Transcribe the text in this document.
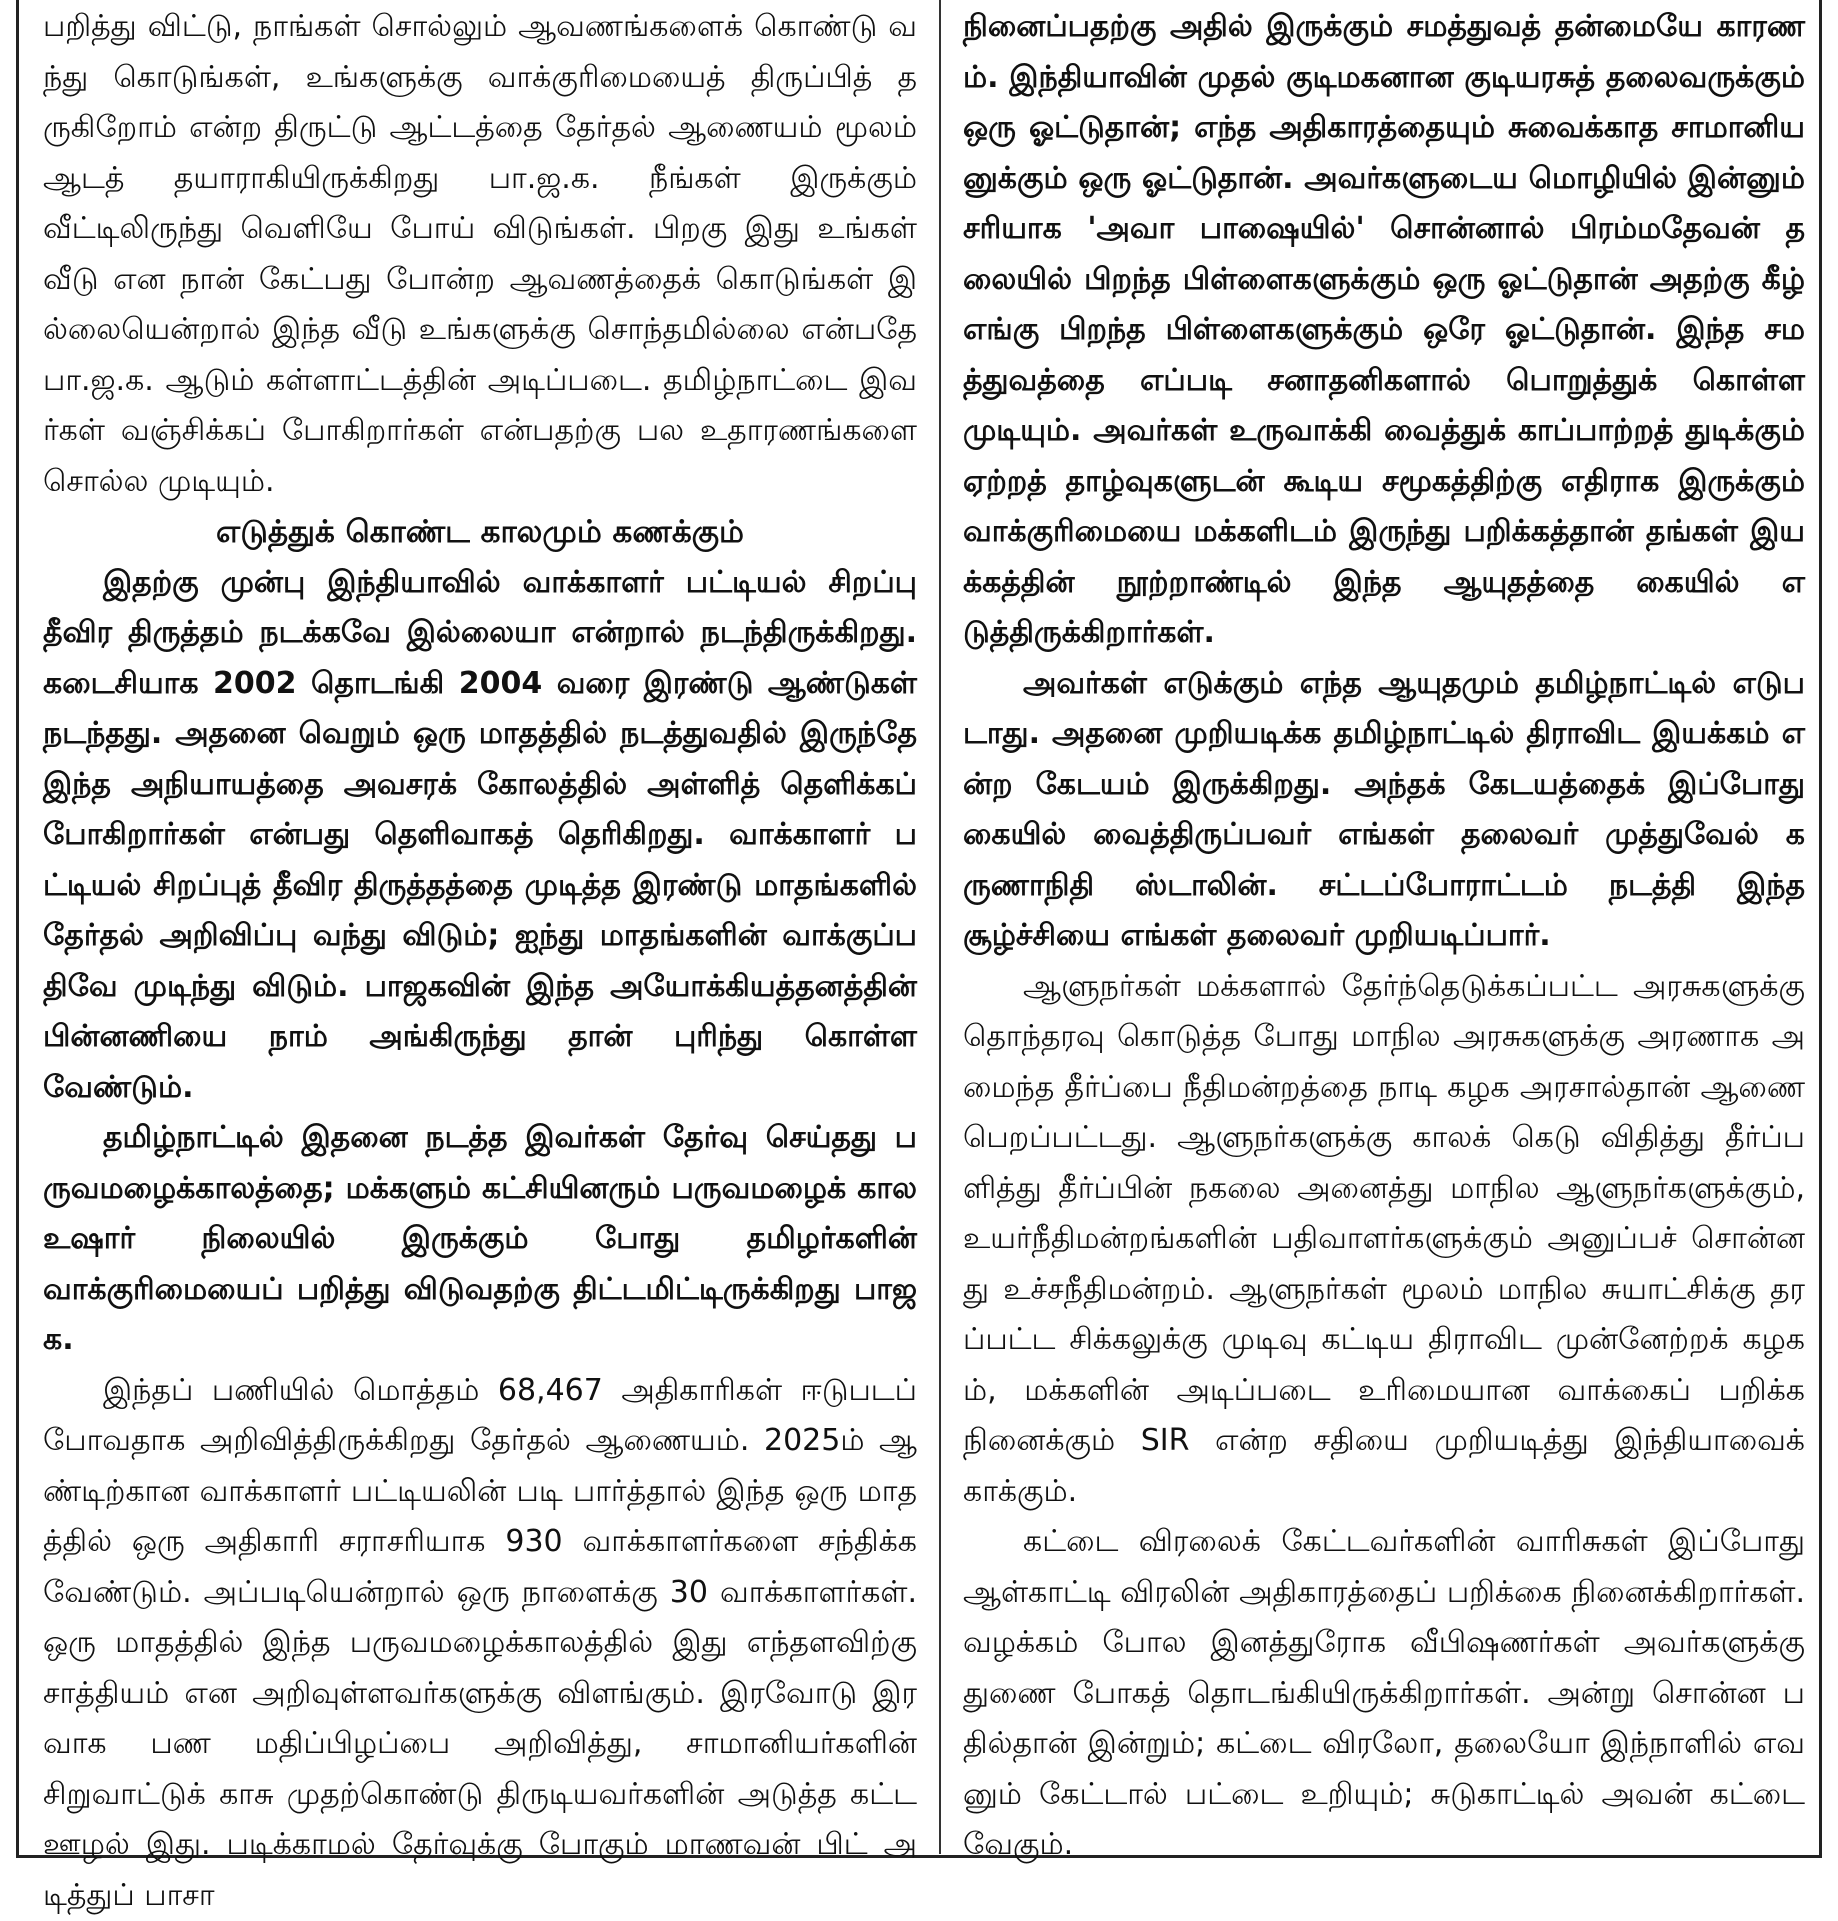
பறித்து விட்டு, நாங்கள் சொல்லும் ஆவணங்களைக் கொண்டு வந்து கொடுங்கள், உங்களுக்கு வாக்குரிமையைத் திருப்பித் தருகிறோம் என்ற திருட்டு ஆட்டத்தை தேர்தல் ஆணையம் மூலம் ஆடத் தயாராகியிருக்கிறது பா.ஜ.க. நீங்கள் இருக்கும் வீட்டிலிருந்து வெளியே போய் விடுங்கள். பிறகு இது உங்கள் வீடு என நான் கேட்பது போன்ற ஆவணத்தைக் கொடுங்கள் இல்லையென்றால் இந்த வீடு உங்களுக்கு சொந்தமில்லை என்பதே பா.ஜ.க. ஆடும் கள்ளாட்டத்தின் அடிப்படை. தமிழ்நாட்டை இவர்கள் வஞ்சிக்கப் போகிறார்கள் என்பதற்கு பல உதாரணங்களை சொல்ல முடியும்.

எடுத்துக் கொண்ட காலமும் கணக்கும்

இதற்கு முன்பு இந்தியாவில் வாக்காளர் பட்டியல் சிறப்பு தீவிர திருத்தம் நடக்கவே இல்லையா என்றால் நடந்திருக்கிறது. கடைசியாக 2002 தொடங்கி 2004 வரை இரண்டு ஆண்டுகள் நடந்தது. அதனை வெறும் ஒரு மாதத்தில் நடத்துவதில் இருந்தே இந்த அநியாயத்தை அவசரக் கோலத்தில் அள்ளித் தெளிக்கப் போகிறார்கள் என்பது தெளிவாகத் தெரிகிறது. வாக்காளர் பட்டியல் சிறப்புத் தீவிர திருத்தத்தை முடித்த இரண்டு மாதங்களில் தேர்தல் அறிவிப்பு வந்து விடும்; ஐந்து மாதங்களின் வாக்குப்பதிவே முடிந்து விடும். பாஜகவின் இந்த அயோக்கியத்தனத்தின் பின்னணியை நாம் அங்கிருந்து தான் புரிந்து கொள்ள வேண்டும்.

தமிழ்நாட்டில் இதனை நடத்த இவர்கள் தேர்வு செய்தது பருவமழைக்காலத்தை; மக்களும் கட்சியினரும் பருவமழைக் கால உஷார் நிலையில் இருக்கும் போது தமிழர்களின் வாக்குரிமையைப் பறித்து விடுவதற்கு திட்டமிட்டிருக்கிறது பாஜக.

இந்தப் பணியில் மொத்தம் 68,467 அதிகாரிகள் ஈடுபடப் போவதாக அறிவித்திருக்கிறது தேர்தல் ஆணையம். 2025ம் ஆண்டிற்கான வாக்காளர் பட்டியலின் படி பார்த்தால் இந்த ஒரு மாதத்தில் ஒரு அதிகாரி சராசரியாக 930 வாக்காளர்களை சந்திக்க வேண்டும். அப்படியென்றால் ஒரு நாளைக்கு 30 வாக்காளர்கள். ஒரு மாதத்தில் இந்த பருவமழைக்காலத்தில் இது எந்தளவிற்கு சாத்தியம் என அறிவுள்ளவர்களுக்கு விளங்கும். இரவோடு இரவாக பண மதிப்பிழப்பை அறிவித்து, சாமானியர்களின் சிறுவாட்டுக் காசு முதற்கொண்டு திருடியவர்களின் அடுத்த கட்ட ஊழல் இது. படிக்காமல் தேர்வுக்கு போகும் மாணவன் பிட் அடித்துப் பாசா

நினைப்பதற்கு அதில் இருக்கும் சமத்துவத் தன்மையே காரணம். இந்தியாவின் முதல் குடிமகனான குடியரசுத் தலைவருக்கும் ஒரு ஓட்டுதான்; எந்த அதிகாரத்தையும் சுவைக்காத சாமானியனுக்கும் ஒரு ஓட்டுதான். அவர்களுடைய மொழியில் இன்னும் சரியாக 'அவா பாஷையில்' சொன்னால் பிரம்மதேவன் தலையில் பிறந்த பிள்ளைகளுக்கும் ஒரு ஓட்டுதான் அதற்கு கீழ் எங்கு பிறந்த பிள்ளைகளுக்கும் ஒரே ஓட்டுதான். இந்த சமத்துவத்தை எப்படி சனாதனிகளால் பொறுத்துக் கொள்ள முடியும். அவர்கள் உருவாக்கி வைத்துக் காப்பாற்றத் துடிக்கும் ஏற்றத் தாழ்வுகளுடன் கூடிய சமூகத்திற்கு எதிராக இருக்கும் வாக்குரிமையை மக்களிடம் இருந்து பறிக்கத்தான் தங்கள் இயக்கத்தின் நூற்றாண்டில் இந்த ஆயுதத்தை கையில் எடுத்திருக்கிறார்கள்.

அவர்கள் எடுக்கும் எந்த ஆயுதமும் தமிழ்நாட்டில் எடுபடாது. அதனை முறியடிக்க தமிழ்நாட்டில் திராவிட இயக்கம் என்ற கேடயம் இருக்கிறது. அந்தக் கேடயத்தைக் இப்போது கையில் வைத்திருப்பவர் எங்கள் தலைவர் முத்துவேல் கருணாநிதி ஸ்டாலின். சட்டப்போராட்டம் நடத்தி இந்த சூழ்ச்சியை எங்கள் தலைவர் முறியடிப்பார்.

ஆளுநர்கள் மக்களால் தேர்ந்தெடுக்கப்பட்ட அரசுகளுக்கு தொந்தரவு கொடுத்த போது மாநில அரசுகளுக்கு அரணாக அமைந்த தீர்ப்பை நீதிமன்றத்தை நாடி கழக அரசால்தான் ஆணை பெறப்பட்டது. ஆளுநர்களுக்கு காலக் கெடு விதித்து தீர்ப்பளித்து தீர்ப்பின் நகலை அனைத்து மாநில ஆளுநர்களுக்கும், உயர்நீதிமன்றங்களின் பதிவாளர்களுக்கும் அனுப்பச் சொன்னது உச்சநீதிமன்றம். ஆளுநர்கள் மூலம் மாநில சுயாட்சிக்கு தரப்பட்ட சிக்கலுக்கு முடிவு கட்டிய திராவிட முன்னேற்றக் கழகம், மக்களின் அடிப்படை உரிமையான வாக்கைப் பறிக்க நினைக்கும் SIR என்ற சதியை முறியடித்து இந்தியாவைக் காக்கும்.

கட்டை விரலைக் கேட்டவர்களின் வாரிசுகள் இப்போது ஆள்காட்டி விரலின் அதிகாரத்தைப் பறிக்கை நினைக்கிறார்கள். வழக்கம் போல இனத்துரோக வீபிஷணர்கள் அவர்களுக்கு துணை போகத் தொடங்கியிருக்கிறார்கள். அன்று சொன்ன பதில்தான் இன்றும்; கட்டை விரலோ, தலையோ இந்நாளில் எவனும் கேட்டால் பட்டை உறியும்; சுடுகாட்டில் அவன் கட்டை வேகும்.
